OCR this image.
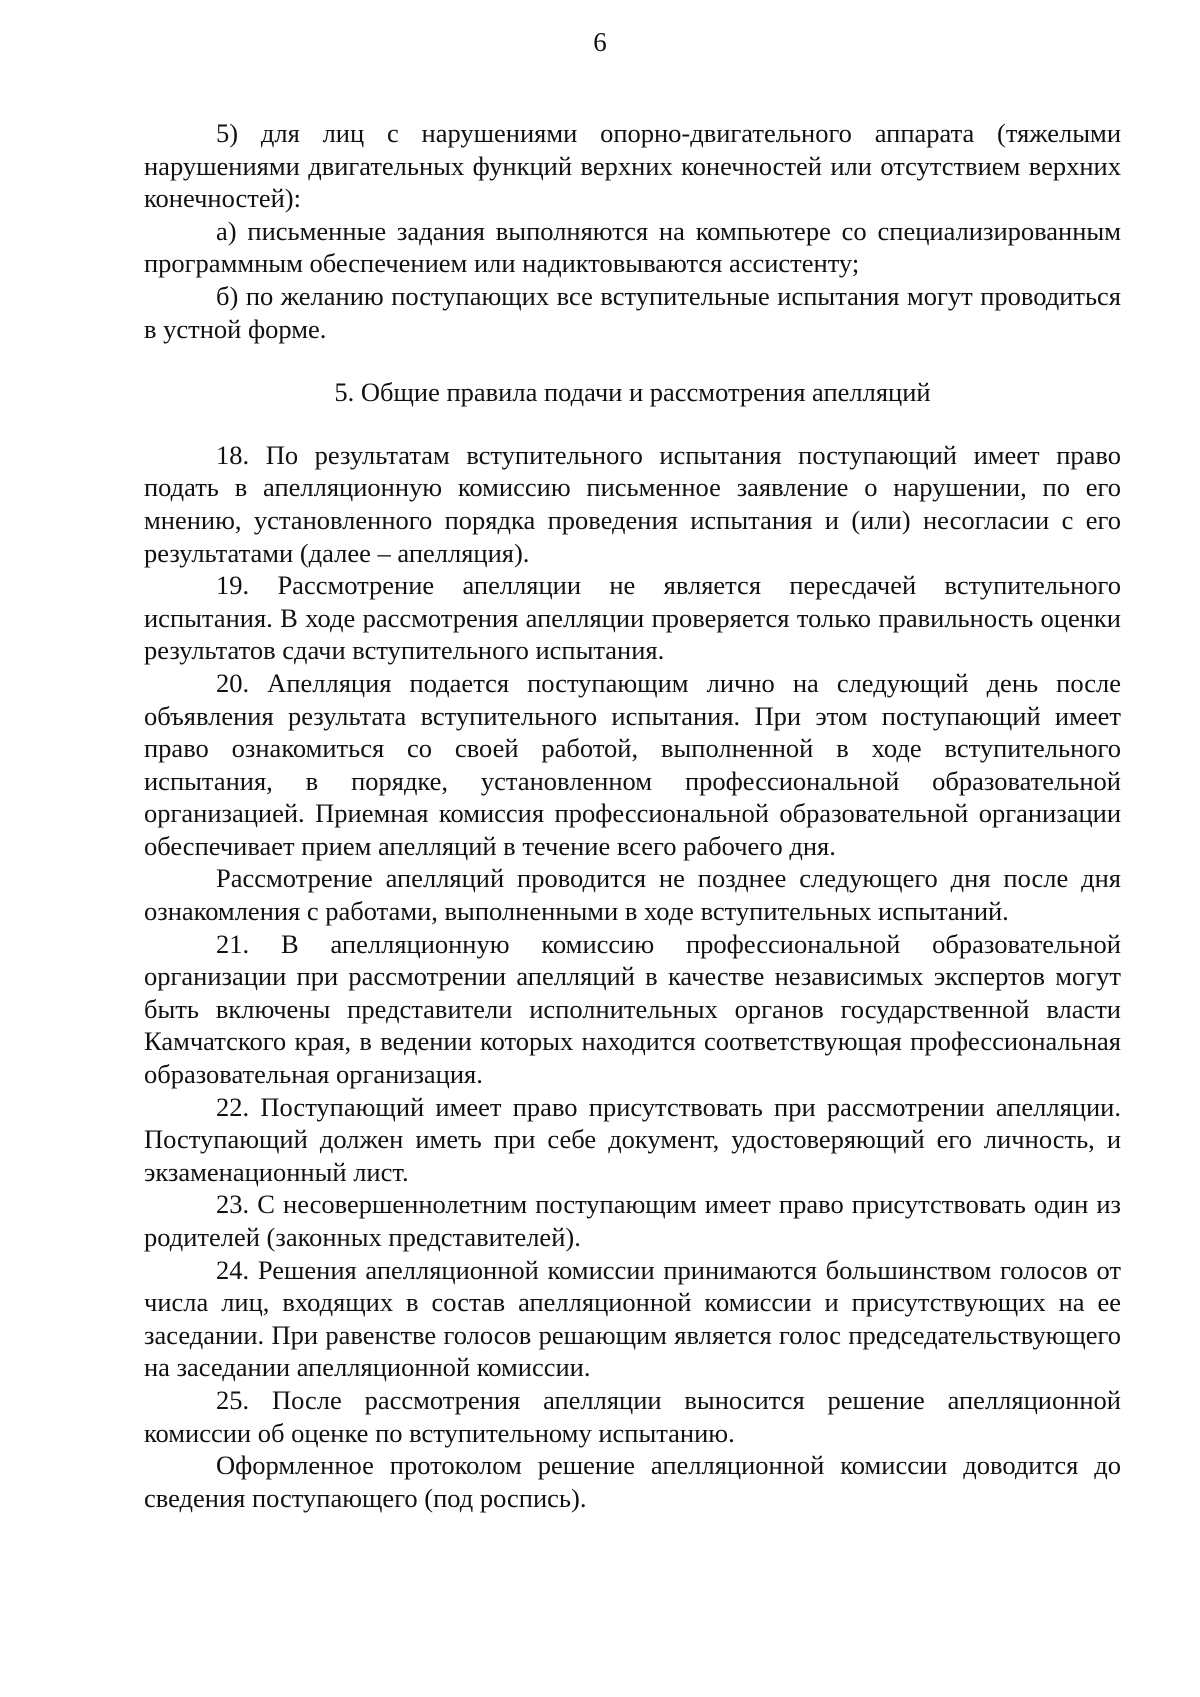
6

5) для лиц с нарушениями опорно-двигательного аппарата (тяжелыми нарушениями двигательных функций верхних конечностей или отсутствием верхних конечностей):

а) письменные задания выполняются на компьютере со специализированным программным обеспечением или надиктовываются ассистенту;

б) по желанию поступающих все вступительные испытания могут проводиться в устной форме.

5. Общие правила подачи и рассмотрения апелляций

18. По результатам вступительного испытания поступающий имеет право подать в апелляционную комиссию письменное заявление о нарушении, по его мнению, установленного порядка проведения испытания и (или) несогласии с его результатами (далее – апелляция).

19. Рассмотрение апелляции не является пересдачей вступительного испытания. В ходе рассмотрения апелляции проверяется только правильность оценки результатов сдачи вступительного испытания.

20. Апелляция подается поступающим лично на следующий день после объявления результата вступительного испытания. При этом поступающий имеет право ознакомиться со своей работой, выполненной в ходе вступительного испытания, в порядке, установленном профессиональной образовательной организацией. Приемная комиссия профессиональной образовательной организации обеспечивает прием апелляций в течение всего рабочего дня.

Рассмотрение апелляций проводится не позднее следующего дня после дня ознакомления с работами, выполненными в ходе вступительных испытаний.

21. В апелляционную комиссию профессиональной образовательной организации при рассмотрении апелляций в качестве независимых экспертов могут быть включены представители исполнительных органов государственной власти Камчатского края, в ведении которых находится соответствующая профессиональная образовательная организация.

22. Поступающий имеет право присутствовать при рассмотрении апелляции. Поступающий должен иметь при себе документ, удостоверяющий его личность, и экзаменационный лист.

23. С несовершеннолетним поступающим имеет право присутствовать один из родителей (законных представителей).

24. Решения апелляционной комиссии принимаются большинством голосов от числа лиц, входящих в состав апелляционной комиссии и присутствующих на ее заседании. При равенстве голосов решающим является голос председательствующего на заседании апелляционной комиссии.

25. После рассмотрения апелляции выносится решение апелляционной комиссии об оценке по вступительному испытанию.

Оформленное протоколом решение апелляционной комиссии доводится до сведения поступающего (под роспись).
